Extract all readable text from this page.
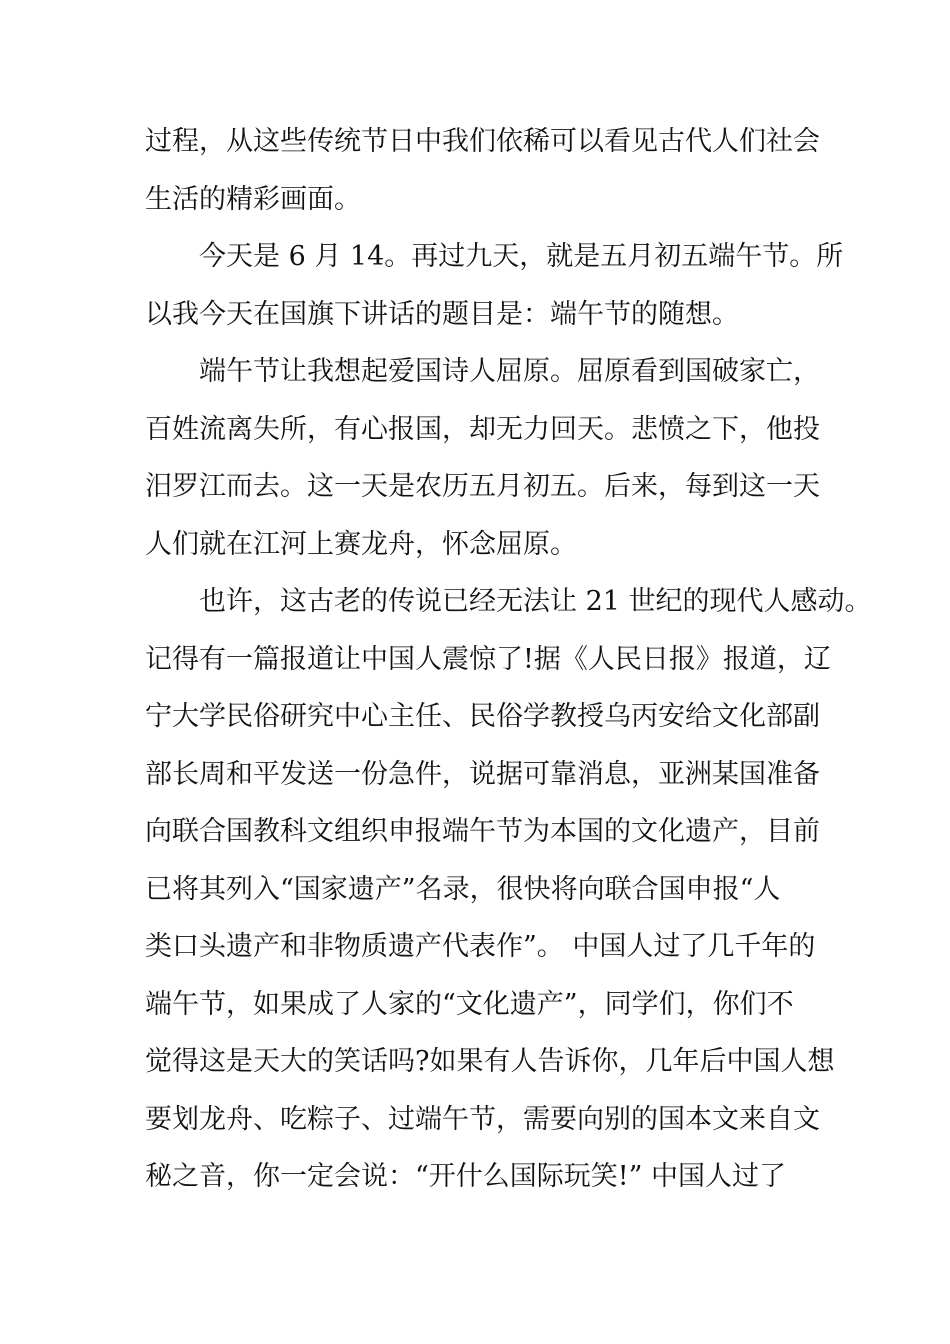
过程，从这些传统节日中我们依稀可以看见古代人们社会
生活的精彩画面。
今天是 6 月 14。再过九天，就是五月初五端午节。所
以我今天在国旗下讲话的题目是：端午节的随想。
端午节让我想起爱国诗人屈原。屈原看到国破家亡，
百姓流离失所，有心报国，却无力回天。悲愤之下，他投
汨罗江而去。这一天是农历五月初五。后来，每到这一天
人们就在江河上赛龙舟，怀念屈原。
也许，这古老的传说已经无法让 21 世纪的现代人感动。
记得有一篇报道让中国人震惊了!据《人民日报》报道，辽
宁大学民俗研究中心主任、民俗学教授乌丙安给文化部副
部长周和平发送一份急件，说据可靠消息，亚洲某国准备
向联合国教科文组织申报端午节为本国的文化遗产，目前
已将其列入“国家遗产”名录，很快将向联合国申报“人
类口头遗产和非物质遗产代表作”。 中国人过了几千年的
端午节，如果成了人家的“文化遗产”，同学们，你们不
觉得这是天大的笑话吗?如果有人告诉你，几年后中国人想
要划龙舟、吃粽子、过端午节，需要向别的国本文来自文
秘之音，你一定会说：“开什么国际玩笑!” 中国人过了
